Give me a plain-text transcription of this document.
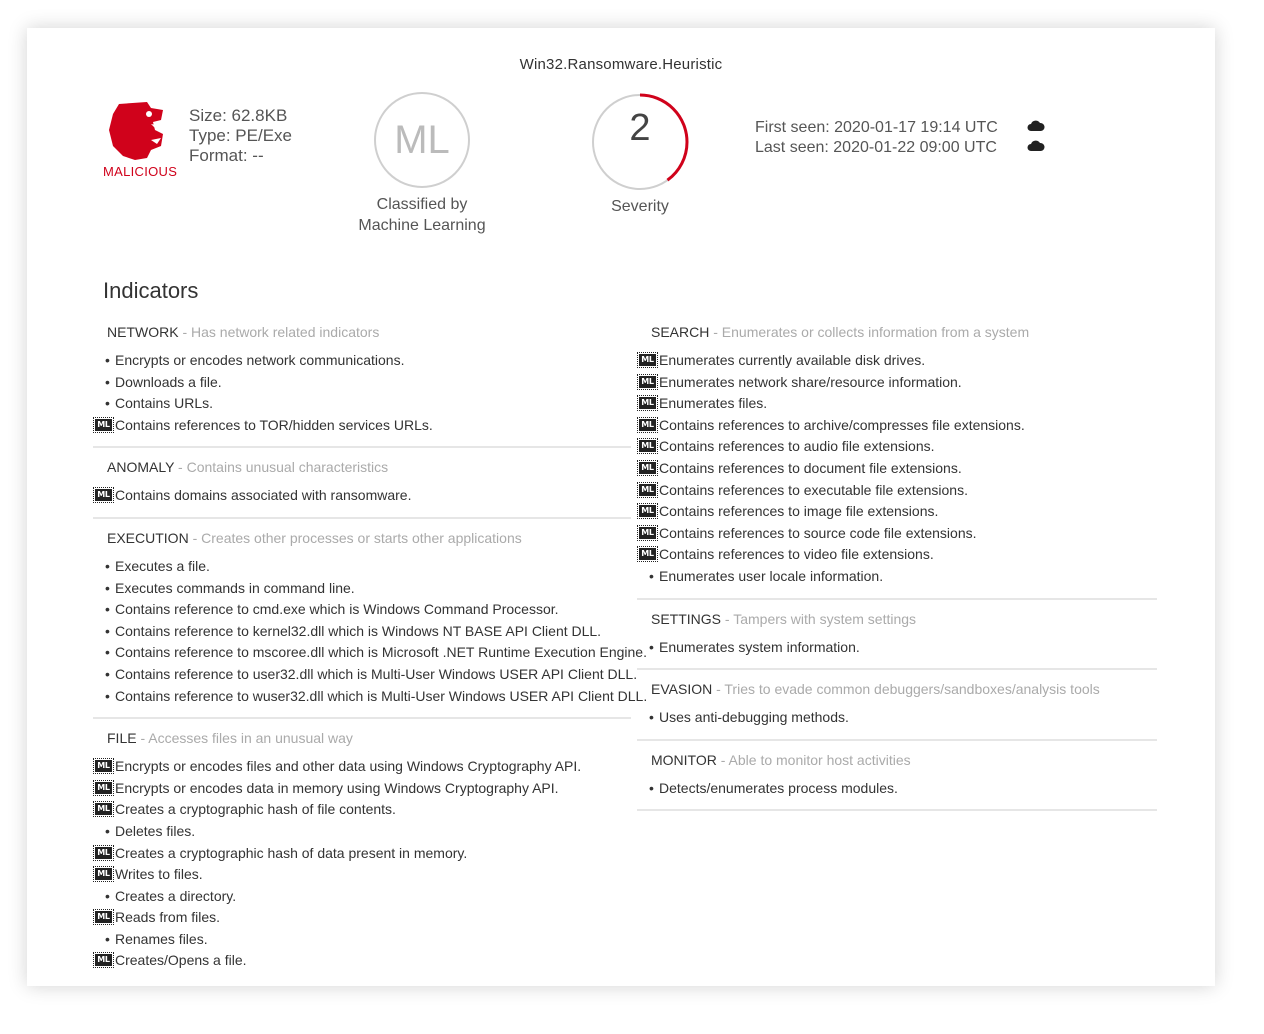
Win32.Ransomware.Heuristic
MALICIOUS
Size: 62.8KB
Type: PE/Exe
Format: --	ML
Classified by
Machine Learning
2
Severity
First seen: 2020-01-17 19:14 UTC
Last seen: 2020-01-22 09:00 UTC
Indicators
NETWORK - Has network related indicators
• Encrypts or encodes network communications.
• Downloads a file.
• Contains URLs.
ML Contains references to TOR/hidden services URLs.
ANOMALY - Contains unusual characteristics
ML Contains domains associated with ransomware.
EXECUTION - Creates other processes or starts other applications
• Executes a file.
• Executes commands in command line.
• Contains reference to cmd.exe which is Windows Command Processor.
• Contains reference to kernel32.dll which is Windows NT BASE API Client DLL.
• Contains reference to mscoree.dll which is Microsoft .NET Runtime Execution Engine.
• Contains reference to user32.dll which is Multi-User Windows USER API Client DLL.
• Contains reference to wuser32.dll which is Multi-User Windows USER API Client DLL.
FILE - Accesses files in an unusual way
ML Encrypts or encodes files and other data using Windows Cryptography API.
ML Encrypts or encodes data in memory using Windows Cryptography API.
ML Creates a cryptographic hash of file contents.
• Deletes files.
ML Creates a cryptographic hash of data present in memory.
ML Writes to files.
• Creates a directory.
ML Reads from files.
• Renames files.
ML Creates/Opens a file.
SEARCH - Enumerates or collects information from a system
ML Enumerates currently available disk drives.
ML Enumerates network share/resource information.
ML Enumerates files.
ML Contains references to archive/compresses file extensions.
ML Contains references to audio file extensions.
ML Contains references to document file extensions.
ML Contains references to executable file extensions.
ML Contains references to image file extensions.
ML Contains references to source code file extensions.
ML Contains references to video file extensions.
• Enumerates user locale information.
SETTINGS - Tampers with system settings
• Enumerates system information.
EVASION - Tries to evade common debuggers/sandboxes/analysis tools
• Uses anti-debugging methods.
MONITOR - Able to monitor host activities
• Detects/enumerates process modules.
